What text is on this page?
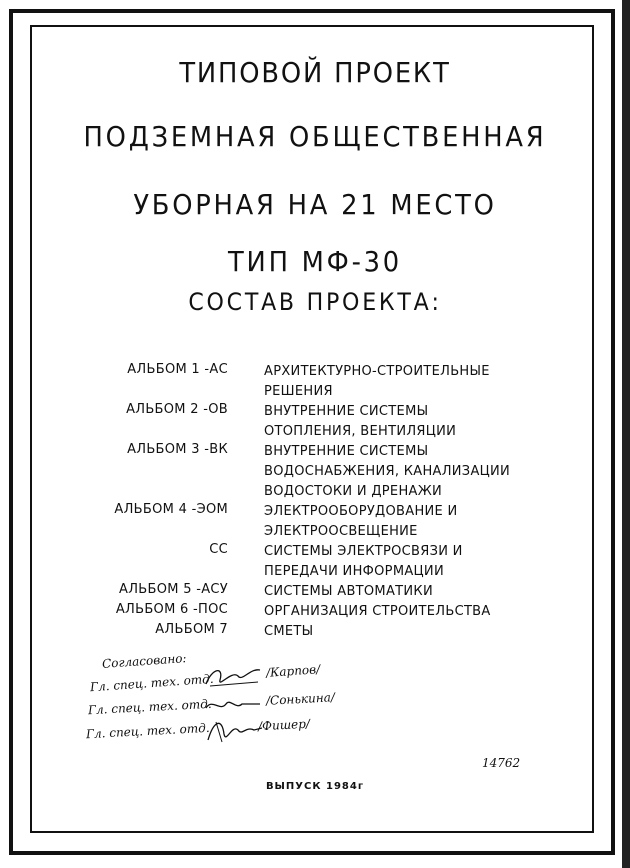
ТИПОВОЙ ПРОЕКТ
ПОДЗЕМНАЯ ОБЩЕСТВЕННАЯ
УБОРНАЯ НА 21 МЕСТО
ТИП МФ-30
СОСТАВ ПРОЕКТА:
АЛЬБОМ 1 -АС	АРХИТЕКТУРНО-СТРОИТЕЛЬНЫЕ
РЕШЕНИЯ
АЛЬБОМ 2 -ОВ	ВНУТРЕННИЕ СИСТЕМЫ
ОТОПЛЕНИЯ, ВЕНТИЛЯЦИИ
АЛЬБОМ 3 -ВК	ВНУТРЕННИЕ СИСТЕМЫ
ВОДОСНАБЖЕНИЯ, КАНАЛИЗАЦИИ
ВОДОСТОКИ И ДРЕНАЖИ
АЛЬБОМ 4 -ЭОМ	ЭЛЕКТРООБОРУДОВАНИЕ И
ЭЛЕКТРООСВЕЩЕНИЕ
СС	СИСТЕМЫ ЭЛЕКТРОСВЯЗИ И
ПЕРЕДАЧИ ИНФОРМАЦИИ
АЛЬБОМ 5 -АСУ	СИСТЕМЫ АВТОМАТИКИ
АЛЬБОМ 6 -ПОС	ОРГАНИЗАЦИЯ СТРОИТЕЛЬСТВА
АЛЬБОМ 7	СМЕТЫ
Согласовано:
Гл. спец. тех. отд.
/Карпов/
Гл. спец. тех. отд.	/Сонькина/
Гл. спец. тех. отд.	/Фишер/
14762
ВЫПУСК 1984г
